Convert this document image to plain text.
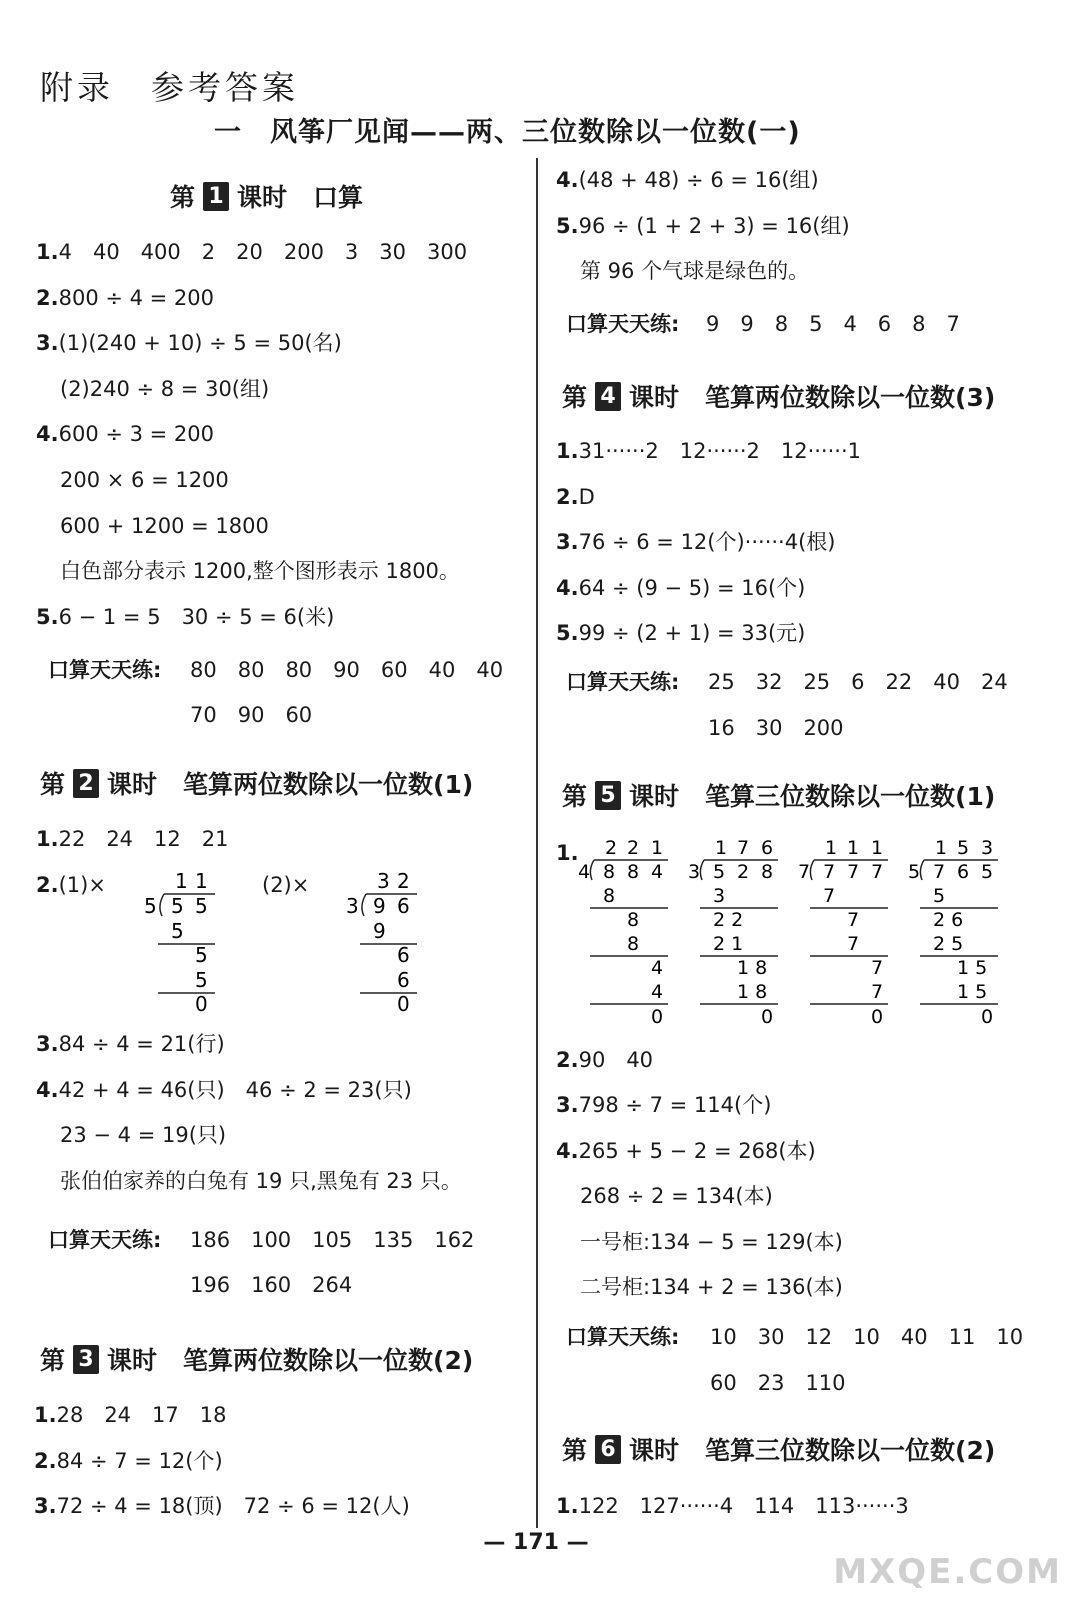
附录　参考答案
一　风筝厂见闻——两、三位数除以一位数(一)
第 1 课时 口算
1.4　40　400　2　20　200　3　30　300
2.800 ÷ 4 = 200
3.(1)(240 + 10) ÷ 5 = 50(名)
(2)240 ÷ 8 = 30(组)
4.600 ÷ 3 = 200
200 × 6 = 1200
600 + 1200 = 1800
白色部分表示 1200,整个图形表示 1800。
5.6 − 1 = 5　30 ÷ 5 = 6(米)
口算天天练: 80　80　80　90　60　40　40
70　90　60
第 2 课时 笔算两位数除以一位数(1)
1.22　24　12　21
2.(1)×	(2)×
1 1
5 5 5
5
5
5
0
3 2
3 9 6
9
6
6
0
3.84 ÷ 4 = 21(行)
4.42 + 4 = 46(只)　46 ÷ 2 = 23(只)
23 − 4 = 19(只)
张伯伯家养的白兔有 19 只,黑兔有 23 只。
口算天天练: 186　100　105　135　162
196　160　264
第 3 课时 笔算两位数除以一位数(2)
1.28　24　17　18
2.84 ÷ 7 = 12(个)
3.72 ÷ 4 = 18(顶)　72 ÷ 6 = 12(人)
4.(48 + 48) ÷ 6 = 16(组)
5.96 ÷ (1 + 2 + 3) = 16(组)
第 96 个气球是绿色的。
口算天天练: 9　9　8　5　4　6　8　7
第 4 课时 笔算两位数除以一位数(3)
1.31······2　12······2　12······1
2.D
3.76 ÷ 6 = 12(个)······4(根)
4.64 ÷ (9 − 5) = 16(个)
5.99 ÷ (2 + 1) = 33(元)
口算天天练: 25　32　25　6　22　40　24
16　30　200
第 5 课时 笔算三位数除以一位数(1)
1. 2 2 1
4 8 8 4
8
8
8
4
4
0
1 7 6
3 5 2 8
3
2 2
2 1
1 8
1 8
0
1 1 1
7 7 7 7
7
7
7
7
7
0
1 5 3
5 7 6 5
5
2 6
2 5
1 5
1 5
0
2.90　40
3.798 ÷ 7 = 114(个)
4.265 + 5 − 2 = 268(本)
268 ÷ 2 = 134(本)
一号柜:134 − 5 = 129(本)
二号柜:134 + 2 = 136(本)
口算天天练: 10　30　12　10　40　11　10
60　23　110
第 6 课时 笔算三位数除以一位数(2)
1.122　127······4　114　113······3
— 171 —
MXQE.COM
